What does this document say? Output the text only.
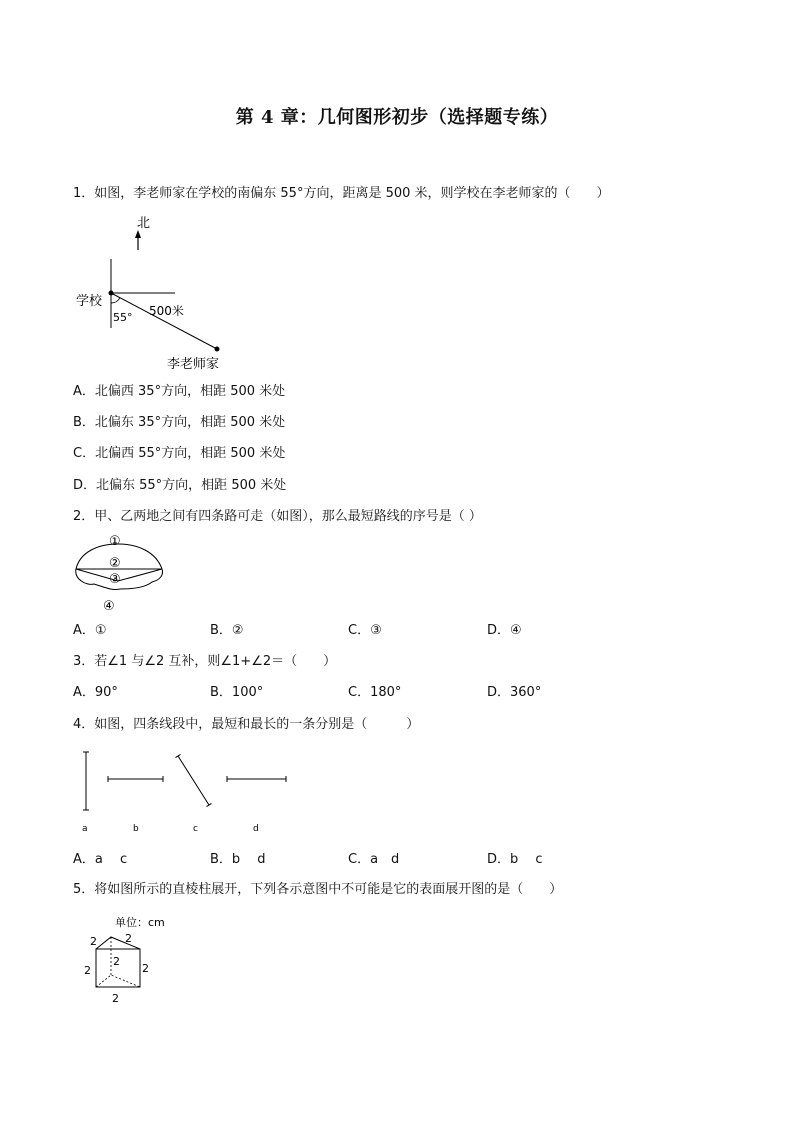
第 4 章：几何图形初步（选择题专练）
1．如图，李老师家在学校的南偏东 55°方向，距离是 500 米，则学校在李老师家的（　　）
北
学校
55° 500米
李老师家
A．北偏西 35°方向，相距 500 米处
B．北偏东 35°方向，相距 500 米处
C．北偏西 55°方向，相距 500 米处
D．北偏东 55°方向，相距 500 米处
2．甲、乙两地之间有四条路可走（如图），那么最短路线的序号是（ ）
①
②
③
④
A．①	B．②	C．③	D．④
3．若∠1 与∠2 互补，则∠1+∠2＝（　　）
A．90°	B．100°	C．180°	D．360°
4．如图，四条线段中，最短和最长的一条分别是（　　　）
a	b	c	d
A．a　 c	B．b　 d	C．a　d	D．b　 c
5．将如图所示的直棱柱展开，下列各示意图中不可能是它的表面展开图的是（　　）
单位：cm
2	2
2
2
2
2
